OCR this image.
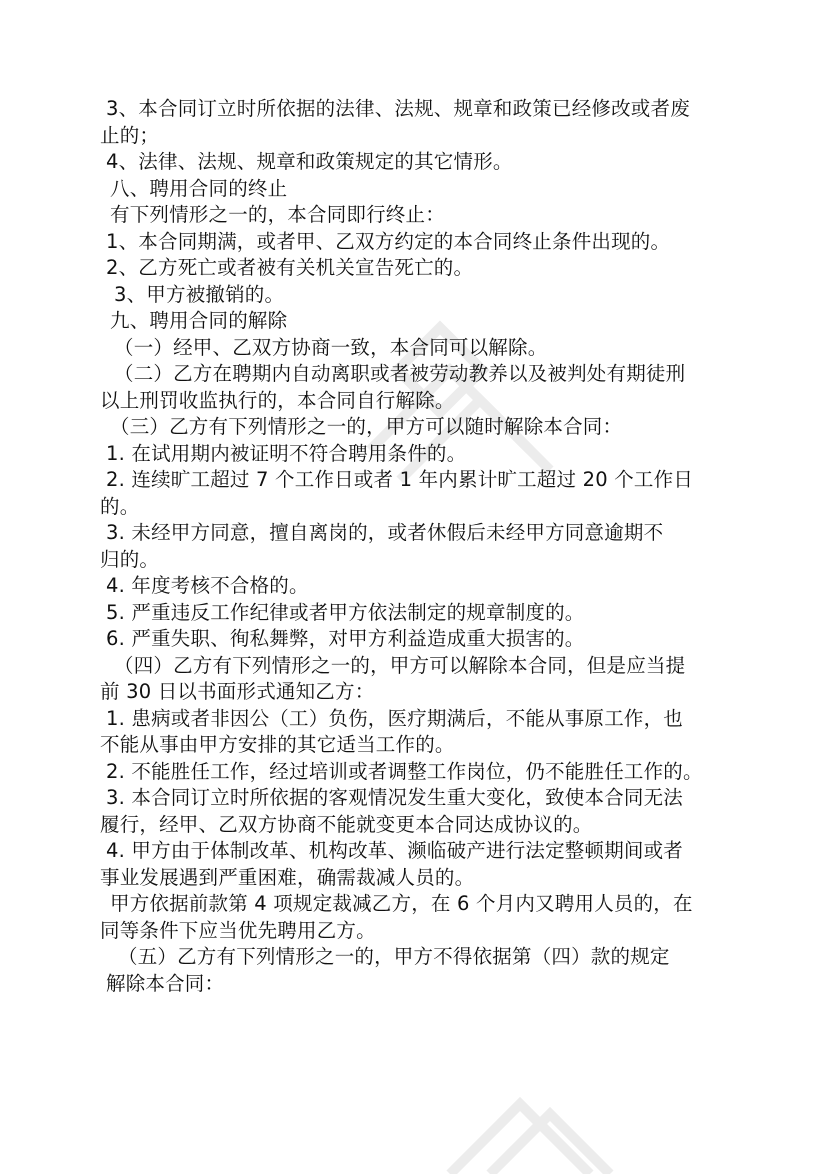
3、本合同订立时所依据的法律、法规、规章和政策已经修改或者废

止的；

4、法律、法规、规章和政策规定的其它情形。

八、聘用合同的终止

有下列情形之一的，本合同即行终止：

1、本合同期满，或者甲、乙双方约定的本合同终止条件出现的。

2、乙方死亡或者被有关机关宣告死亡的。

3、甲方被撤销的。

九、聘用合同的解除

（一）经甲、乙双方协商一致，本合同可以解除。

（二）乙方在聘期内自动离职或者被劳动教养以及被判处有期徒刑

以上刑罚收监执行的，本合同自行解除。

（三）乙方有下列情形之一的，甲方可以随时解除本合同：

1. 在试用期内被证明不符合聘用条件的。

2. 连续旷工超过 7 个工作日或者 1 年内累计旷工超过 20 个工作日

的。

3. 未经甲方同意，擅自离岗的，或者休假后未经甲方同意逾期不

归的。

4. 年度考核不合格的。

5. 严重违反工作纪律或者甲方依法制定的规章制度的。

6. 严重失职、徇私舞弊，对甲方利益造成重大损害的。

（四）乙方有下列情形之一的，甲方可以解除本合同，但是应当提

前 30 日以书面形式通知乙方：

1. 患病或者非因公（工）负伤，医疗期满后，不能从事原工作，也

不能从事由甲方安排的其它适当工作的。

2. 不能胜任工作，经过培训或者调整工作岗位，仍不能胜任工作的。

3. 本合同订立时所依据的客观情况发生重大变化，致使本合同无法

履行，经甲、乙双方协商不能就变更本合同达成协议的。

4. 甲方由于体制改革、机构改革、濒临破产进行法定整顿期间或者

事业发展遇到严重困难，确需裁减人员的。

甲方依据前款第 4 项规定裁减乙方，在 6 个月内又聘用人员的，在

同等条件下应当优先聘用乙方。

（五）乙方有下列情形之一的，甲方不得依据第（四）款的规定

解除本合同：
